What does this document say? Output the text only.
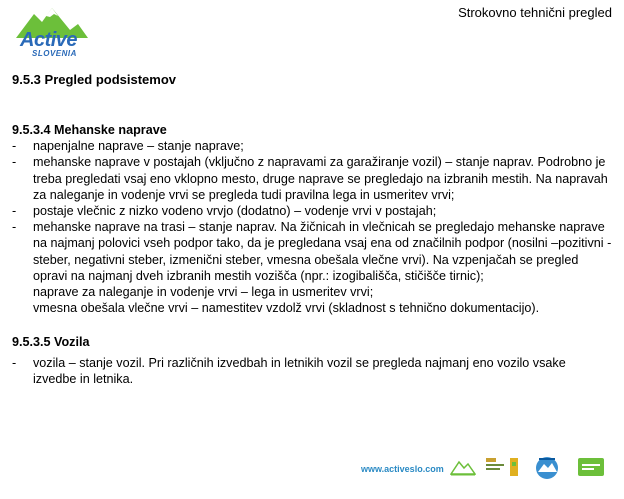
Strokovno tehnični pregled
Active
SLOVENIA
9.5.3 Pregled podsistemov
9.5.3.4 Mehanske naprave
-	napenjalne naprave – stanje naprave;
-	mehanske naprave v postajah (vključno z napravami za garažiranje vozil) – stanje naprav. Podrobno je treba pregledati vsaj eno vklopno mesto, druge naprave se pregledajo na izbranih mestih. Na napravah za naleganje in vodenje vrvi se pregleda tudi pravilna lega in usmeritev vrvi;
-	postaje vlečnic z nizko vodeno vrvjo (dodatno) – vodenje vrvi v postajah;
-	mehanske naprave na trasi – stanje naprav. Na žičnicah in vlečnicah se pregledajo mehanske naprave na najmanj polovici vseh podpor tako, da je pregledana vsaj ena od značilnih podpor (nosilni –pozitivni - steber, negativni steber, izmenični steber, vmesna obešala vlečne vrvi). Na vzpenjačah se pregled opravi na najmanj dveh izbranih mestih vozišča (npr.: izogibališča, stičišče tirnic);
naprave za naleganje in vodenje vrvi – lega in usmeritev vrvi;
vmesna obešala vlečne vrvi – namestitev vzdolž vrvi (skladnost s tehnično dokumentacijo).
9.5.3.5 Vozila
-	vozila – stanje vozil. Pri različnih izvedbah in letnikih vozil se pregleda najmanj eno vozilo vsake izvedbe in letnika.
www.activeslo.com
